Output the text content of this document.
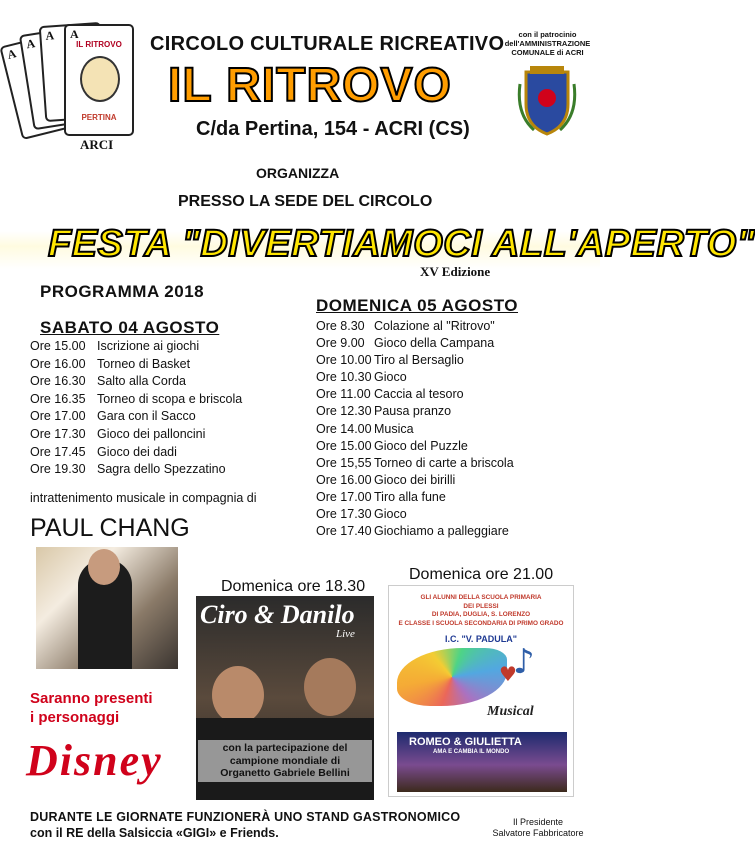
A
A
A A
IL RITROVO
PERTINA
ARCI
CIRCOLO CULTURALE RICREATIVO
IL RITROVO
C/da Pertina, 154 - ACRI (CS)
con il patrocinio dell'AMMINISTRAZIONE COMUNALE di ACRI
ORGANIZZA
PRESSO LA SEDE DEL CIRCOLO
FESTA "DIVERTIAMOCI ALL'APERTO"
XV Edizione
PROGRAMMA 2018
SABATO 04 AGOSTO
Ore 15.00 Iscrizione ai giochi
Ore 16.00 Torneo di Basket
Ore 16.30 Salto alla Corda
Ore 16.35 Torneo di scopa e briscola
Ore 17.00 Gara con il Sacco
Ore 17.30 Gioco dei palloncini
Ore 17.45 Gioco dei dadi
Ore 19.30 Sagra dello Spezzatino
DOMENICA 05 AGOSTO
Ore 8.30 Colazione al "Ritrovo"
Ore 9.00 Gioco della Campana
Ore 10.00 Tiro al Bersaglio
Ore 10.30 Gioco
Ore 11.00 Caccia al tesoro
Ore 12.30 Pausa pranzo
Ore 14.00 Musica
Ore 15.00 Gioco del Puzzle
Ore 15,55 Torneo di carte a briscola
Ore 16.00 Gioco dei birilli
Ore 17.00 Tiro alla fune
Ore 17.30 Gioco
Ore 17.40 Giochiamo a palleggiare
intrattenimento musicale in compagnia di
PAUL CHANG
Saranno presenti
i personaggi
Disney
Domenica ore 18.30
Ciro & Danilo
Live
con la partecipazione del
campione mondiale di
Organetto Gabriele Bellini
Domenica ore 21.00
GLI ALUNNI DELLA SCUOLA PRIMARIA
DEI PLESSI
DI PADIA, DUGLIA, S. LORENZO
E CLASSE I SCUOLA SECONDARIA DI PRIMO GRADO
I.C. "V. PADULA"
♪
♥
Musical
ROMEO & GIULIETTA
AMA E CAMBIA IL MONDO
DURANTE LE GIORNATE FUNZIONERÀ UNO STAND GASTRONOMICO
con il RE della Salsiccia «GIGI» e Friends.
Il Presidente
Salvatore Fabbricatore
